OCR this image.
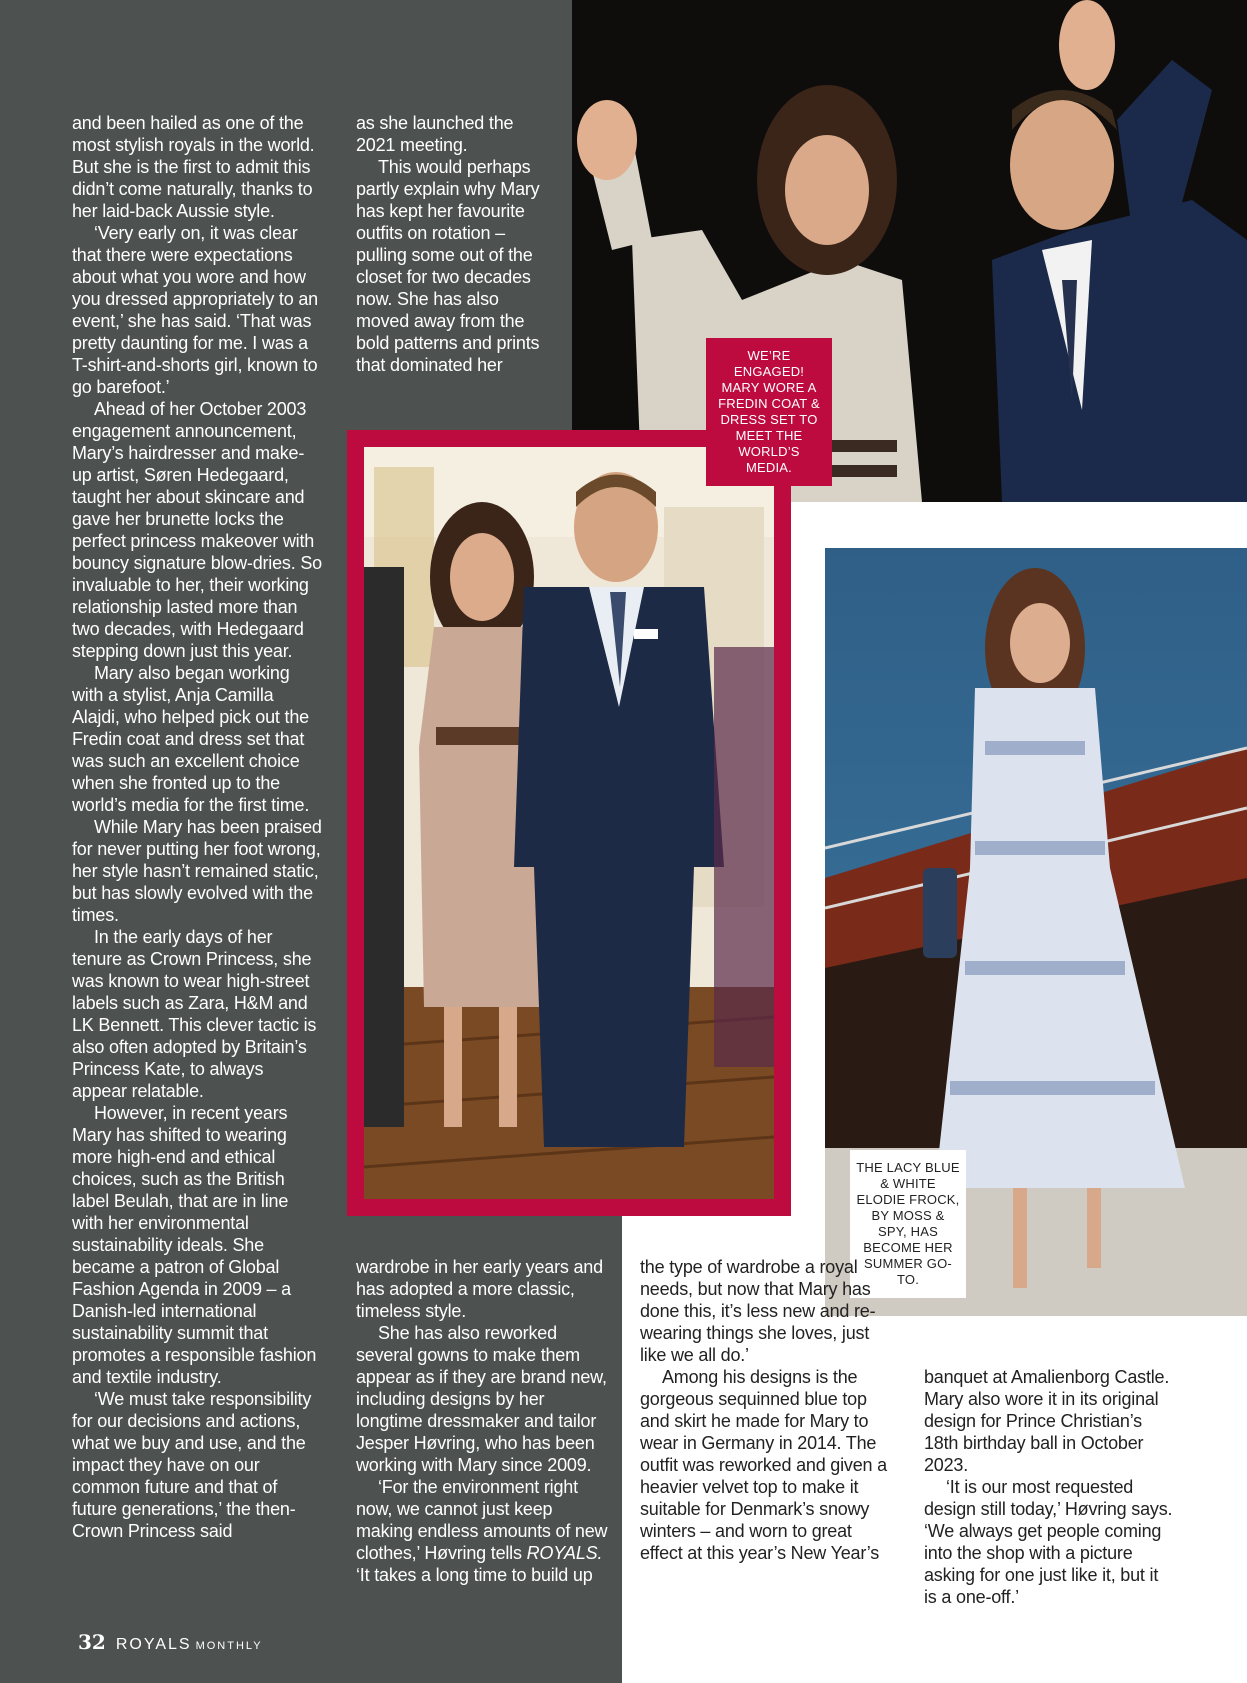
WE’RE ENGAGED! MARY WORE A FREDIN COAT & DRESS SET TO MEET THE WORLD’S MEDIA.
THE LACY BLUE & WHITE ELODIE FROCK, BY MOSS & SPY, HAS BECOME HER SUMMER GO-TO.

and been hailed as one of the most stylish royals in the world. But she is the first to admit this didn’t come naturally, thanks to her laid-back Aussie style.

‘Very early on, it was clear that there were expectations about what you wore and how you dressed appropriately to an event,’ she has said. ‘That was pretty daunting for me. I was a T-shirt-and-shorts girl, known to go barefoot.’

Ahead of her October 2003 engagement announcement, Mary’s hairdresser and make-up artist, Søren Hedegaard, taught her about skincare and gave her brunette locks the perfect princess makeover with bouncy signature blow-dries. So invaluable to her, their working relationship lasted more than two decades, with Hedegaard stepping down just this year.

Mary also began working with a stylist, Anja Camilla Alajdi, who helped pick out the Fredin coat and dress set that was such an excellent choice when she fronted up to the world’s media for the first time.

While Mary has been praised for never putting her foot wrong, her style hasn’t remained static, but has slowly evolved with the times.

In the early days of her tenure as Crown Princess, she was known to wear high-street labels such as Zara, H&M and LK Bennett. This clever tactic is also often adopted by Britain’s Princess Kate, to always appear relatable.

However, in recent years Mary has shifted to wearing more high-end and ethical choices, such as the British label Beulah, that are in line with her environmental sustainability ideals. She became a patron of Global Fashion Agenda in 2009 – a Danish-led international sustainability summit that promotes a responsible fashion and textile industry.

‘We must take responsibility for our decisions and actions, what we buy and use, and the impact they have on our common future and that of future generations,’ the then-Crown Princess said

as she launched the 2021 meeting.

This would perhaps partly explain why Mary has kept her favourite outfits on rotation – pulling some out of the closet for two decades now. She has also moved away from the bold patterns and prints that dominated her

wardrobe in her early years and has adopted a more classic, timeless style.

She has also reworked several gowns to make them appear as if they are brand new, including designs by her longtime dressmaker and tailor Jesper Høvring, who has been working with Mary since 2009.

‘For the environment right now, we cannot just keep making endless amounts of new clothes,’ Høvring tells ROYALS.

‘It takes a long time to build up

the type of wardrobe a royal needs, but now that Mary has done this, it’s less new and re-wearing things she loves, just like we all do.’

Among his designs is the gorgeous sequinned blue top and skirt he made for Mary to wear in Germany in 2014. The outfit was reworked and given a heavier velvet top to make it suitable for Denmark’s snowy winters – and worn to great effect at this year’s New Year’s

banquet at Amalienborg Castle. Mary also wore it in its original design for Prince Christian’s 18th birthday ball in October 2023.

‘It is our most requested design still today,’ Høvring says. ‘We always get people coming into the shop with a picture asking for one just like it, but it is a one-off.’

32 ROYALS MONTHLY
